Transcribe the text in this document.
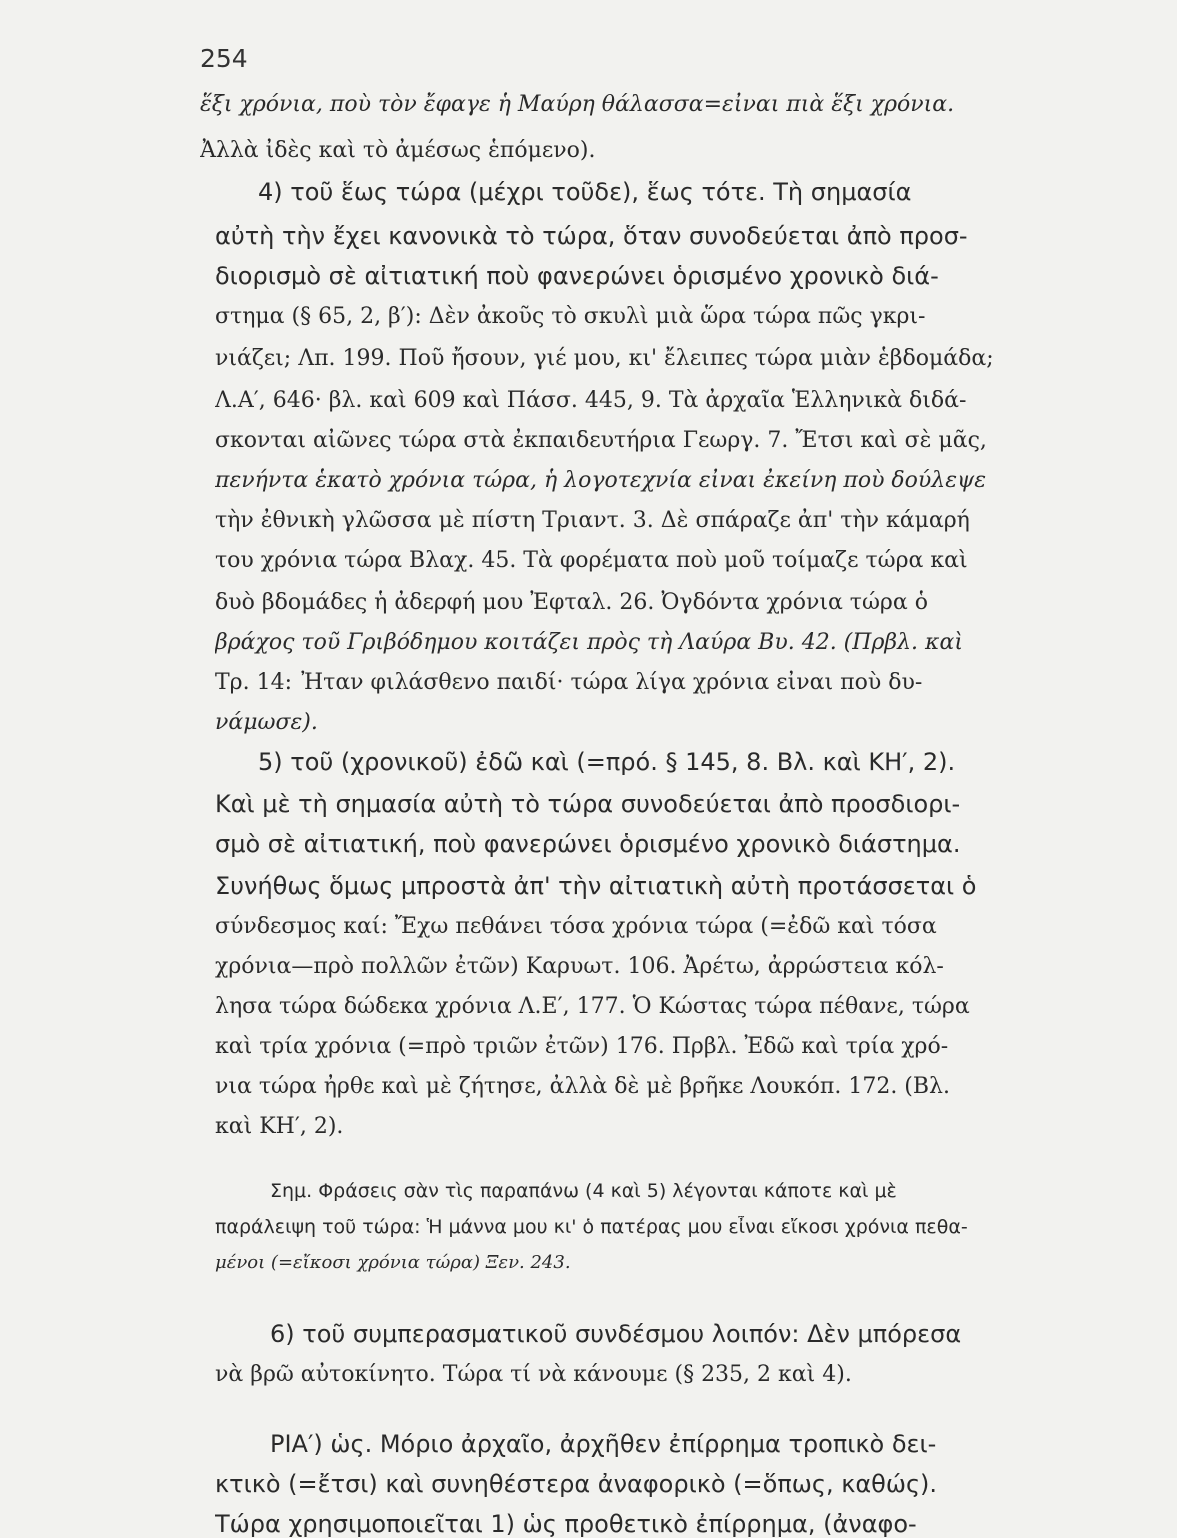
254
ἕξι χρόνια, ποὺ τὸν ἔφαγε ἡ Μαύρη θάλασσα=εἶναι πιὰ ἕξι χρόνια.
Ἀλλὰ ἰδὲς καὶ τὸ ἀμέσως ἑπόμενο).
4) τοῦ ἕως τώρα (μέχρι τοῦδε), ἕως τότε. Τὴ σημασία
αὐτὴ τὴν ἔχει κανονικὰ τὸ τώρα, ὅταν συνοδεύεται ἀπὸ προσ-
διορισμὸ σὲ αἰτιατική ποὺ φανερώνει ὁρισμένο χρονικὸ διά-
στημα (§ 65, 2, β′): Δὲν ἀκοῦς τὸ σκυλὶ μιὰ ὥρα τώρα πῶς γκρι-
νιάζει; Λπ. 199. Ποῦ ἤσουν, γιέ μου, κι' ἔλειπες τώρα μιὰν ἑβδομάδα;
Λ.Α′, 646· βλ. καὶ 609 καὶ Πάσσ. 445, 9. Τὰ ἀρχαῖα Ἑλληνικὰ διδά-
σκονται αἰῶνες τώρα στὰ ἐκπαιδευτήρια Γεωργ. 7. Ἔτσι καὶ σὲ μᾶς,
πενήντα ἑκατὸ χρόνια τώρα, ἡ λογοτεχνία εἶναι ἐκείνη ποὺ δούλεψε
τὴν ἐθνικὴ γλῶσσα μὲ πίστη Τριαντ. 3. Δὲ σπάραζε ἀπ' τὴν κάμαρή
του χρόνια τώρα Βλαχ. 45. Τὰ φορέματα ποὺ μοῦ τοίμαζε τώρα καὶ
δυὸ βδομάδες ἡ ἀδερφή μου Ἐφταλ. 26. Ὀγδόντα χρόνια τώρα ὁ
βράχος τοῦ Γριβόδημου κοιτάζει πρὸς τὴ Λαύρα Βυ. 42. (Πρβλ. καὶ
Τρ. 14: Ἦταν φιλάσθενο παιδί· τώρα λίγα χρόνια εἶναι ποὺ δυ-
νάμωσε).
5) τοῦ (χρονικοῦ) ἐδῶ καὶ (=πρό. § 145, 8. Βλ. καὶ ΚΗ′, 2).
Καὶ μὲ τὴ σημασία αὐτὴ τὸ τώρα συνοδεύεται ἀπὸ προσδιορι-
σμὸ σὲ αἰτιατική, ποὺ φανερώνει ὁρισμένο χρονικὸ διάστημα.
Συνήθως ὅμως μπροστὰ ἀπ' τὴν αἰτιατικὴ αὐτὴ προτάσσεται ὁ
σύνδεσμος καί: Ἔχω πεθάνει τόσα χρόνια τώρα (=ἐδῶ καὶ τόσα
χρόνια—πρὸ πολλῶν ἐτῶν) Καρυωτ. 106. Ἀρέτω, ἀρρώστεια κόλ-
λησα τώρα δώδεκα χρόνια Λ.Ε′, 177. Ὁ Κώστας τώρα πέθανε, τώρα
καὶ τρία χρόνια (=πρὸ τριῶν ἐτῶν) 176. Πρβλ. Ἐδῶ καὶ τρία χρό-
νια τώρα ἦρθε καὶ μὲ ζήτησε, ἀλλὰ δὲ μὲ βρῆκε Λουκόπ. 172. (Βλ.
καὶ ΚΗ′, 2).
Σημ. Φράσεις σὰν τὶς παραπάνω (4 καὶ 5) λέγονται κάποτε καὶ μὲ
παράλειψη τοῦ τώρα: Ἡ μάννα μου κι' ὁ πατέρας μου εἶναι εἴκοσι χρόνια πεθα-
μένοι (=εἴκοσι χρόνια τώρα) Ξεν. 243.
6) τοῦ συμπερασματικοῦ συνδέσμου λοιπόν: Δὲν μπόρεσα
νὰ βρῶ αὐτοκίνητο. Τώρα τί νὰ κάνουμε (§ 235, 2 καὶ 4).
ΡΙΑ′) ὡς. Μόριο ἀρχαῖο, ἀρχῆθεν ἐπίρρημα τροπικὸ δει-
κτικὸ (=ἔτσι) καὶ συνηθέστερα ἀναφορικὸ (=ὅπως, καθώς).
Τώρα χρησιμοποιεῖται 1) ὡς προθετικὸ ἐπίρρημα, (ἀναφο-
